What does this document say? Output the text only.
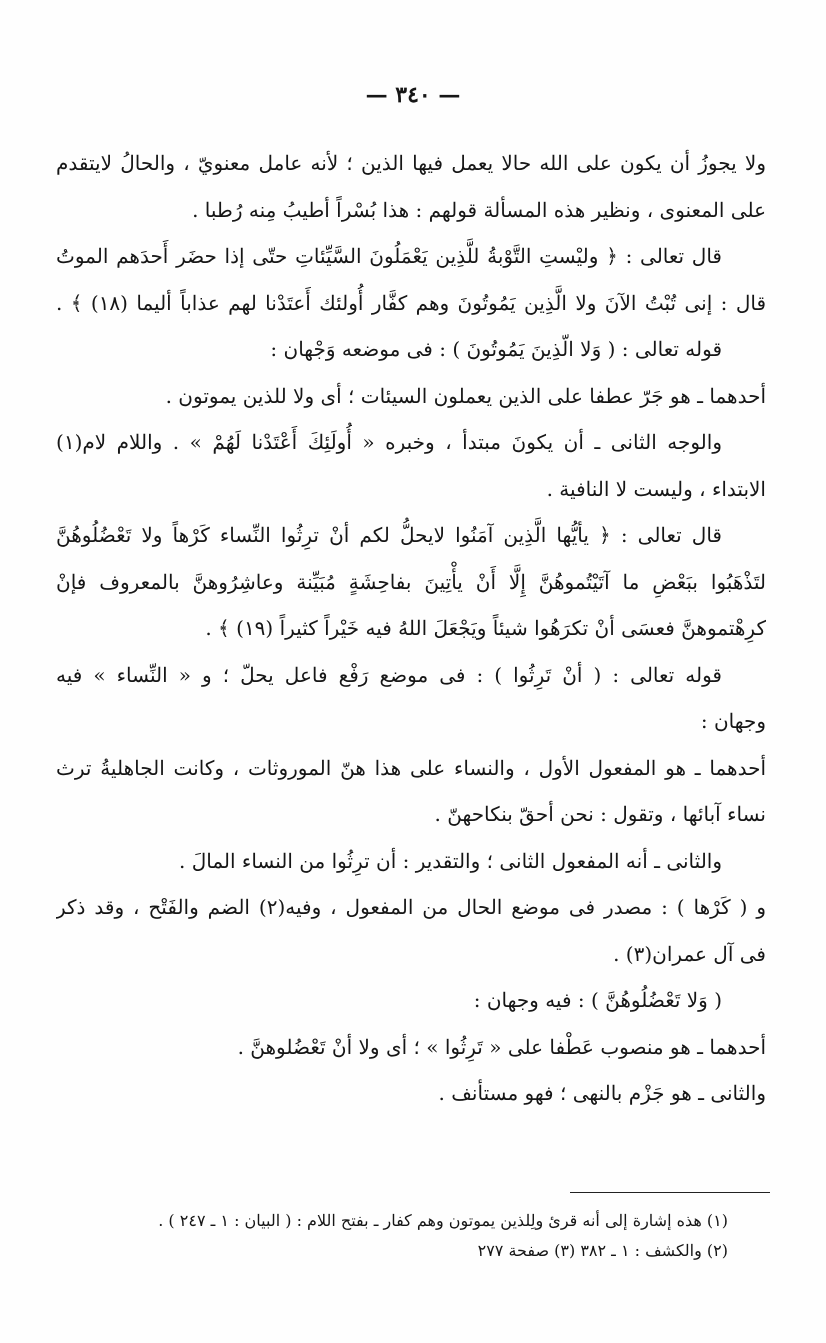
— ٣٤٠ —
ولا يجوزُ أن يكون على الله حالا يعمل فيها الذين ؛ لأنه عامل معنويّ ، والحالُ لايتقدم
على المعنوى ، ونظير هذه المسألة قولهم : هذا بُسْراً أطيبُ مِنه رُطبا .
قال تعالى : ﴿ وليْستِ التَّوْبةُ للَّذِين يَعْمَلُونَ السَّيِّئاتِ حتّى إذا حضَر أَحدَهم الموتُ
قال : إنى تُبْتُ الآنَ ولا الَّذِين يَمُوتُونَ وهم كفَّار أُولئك أَعتَدْنا لهم عذاباً أليما (١٨) ﴾ .
قوله تعالى : ( وَلا الّذِينَ يَمُوتُونَ ) : فى موضعه وَجْهان :
أحدهما ـ هو جَرّ عطفا على الذين يعملون السيئات ؛ أى ولا للذين يموتون .
والوجه الثانى ـ أن يكونَ مبتدأ ، وخبره « أُولَئِكَ أَعْتَدْنا لَهُمْ » . واللام لام(١)
الابتداء ، وليست لا النافية .
قال تعالى : ﴿ يأيُّها الَّذِين آمَنُوا لايحلُّ لكم أنْ ترِثُوا النِّساء كَرْهاً ولا تَعْضُلُوهُنَّ
لتَذْهَبُوا ببَعْضِ ما آتَيْتُموهُنَّ إِلَّا أَنْ يأْتِينَ بفاحِشَةٍ مُبَيِّنة وعاشِرُوهنَّ بالمعروف فإنْ
كرِهْتموهنَّ فعسَى أنْ تكرَهُوا شيئاً ويَجْعَلَ اللهُ فيه خَيْراً كثيراً (١٩) ﴾ .
قوله تعالى : ( أنْ تَرِثُوا ) : فى موضع رَفْع فاعل يحلّ ؛ و « النِّساء » فيه
وجهان :
أحدهما ـ هو المفعول الأول ، والنساء على هذا هنّ الموروثات ، وكانت الجاهليةُ ترث
نساء آبائها ، وتقول : نحن أحقّ بنكاحهنّ .
والثانى ـ أنه المفعول الثانى ؛ والتقدير : أن ترِثُوا من النساء المالَ .
و ( كَرْها ) : مصدر فى موضع الحال من المفعول ، وفيه(٢) الضم والفَتْح ، وقد ذكر
فى آل عمران(٣) .
( وَلا تَعْضُلُوهُنَّ ) : فيه وجهان :
أحدهما ـ هو منصوب عَطْفا على « تَرِثُوا » ؛ أى ولا أنْ تَعْضُلوهنَّ .
والثانى ـ هو جَزْم بالنهى ؛ فهو مستأنف .
(١) هذه إشارة إلى أنه قرئ ولِلذين يموتون وهم كفار ـ بفتح اللام : ( البيان : ١ ـ ٢٤٧ ) .
(٢) والكشف : ١ ـ ٣٨٢ (٣) صفحة ٢٧٧
